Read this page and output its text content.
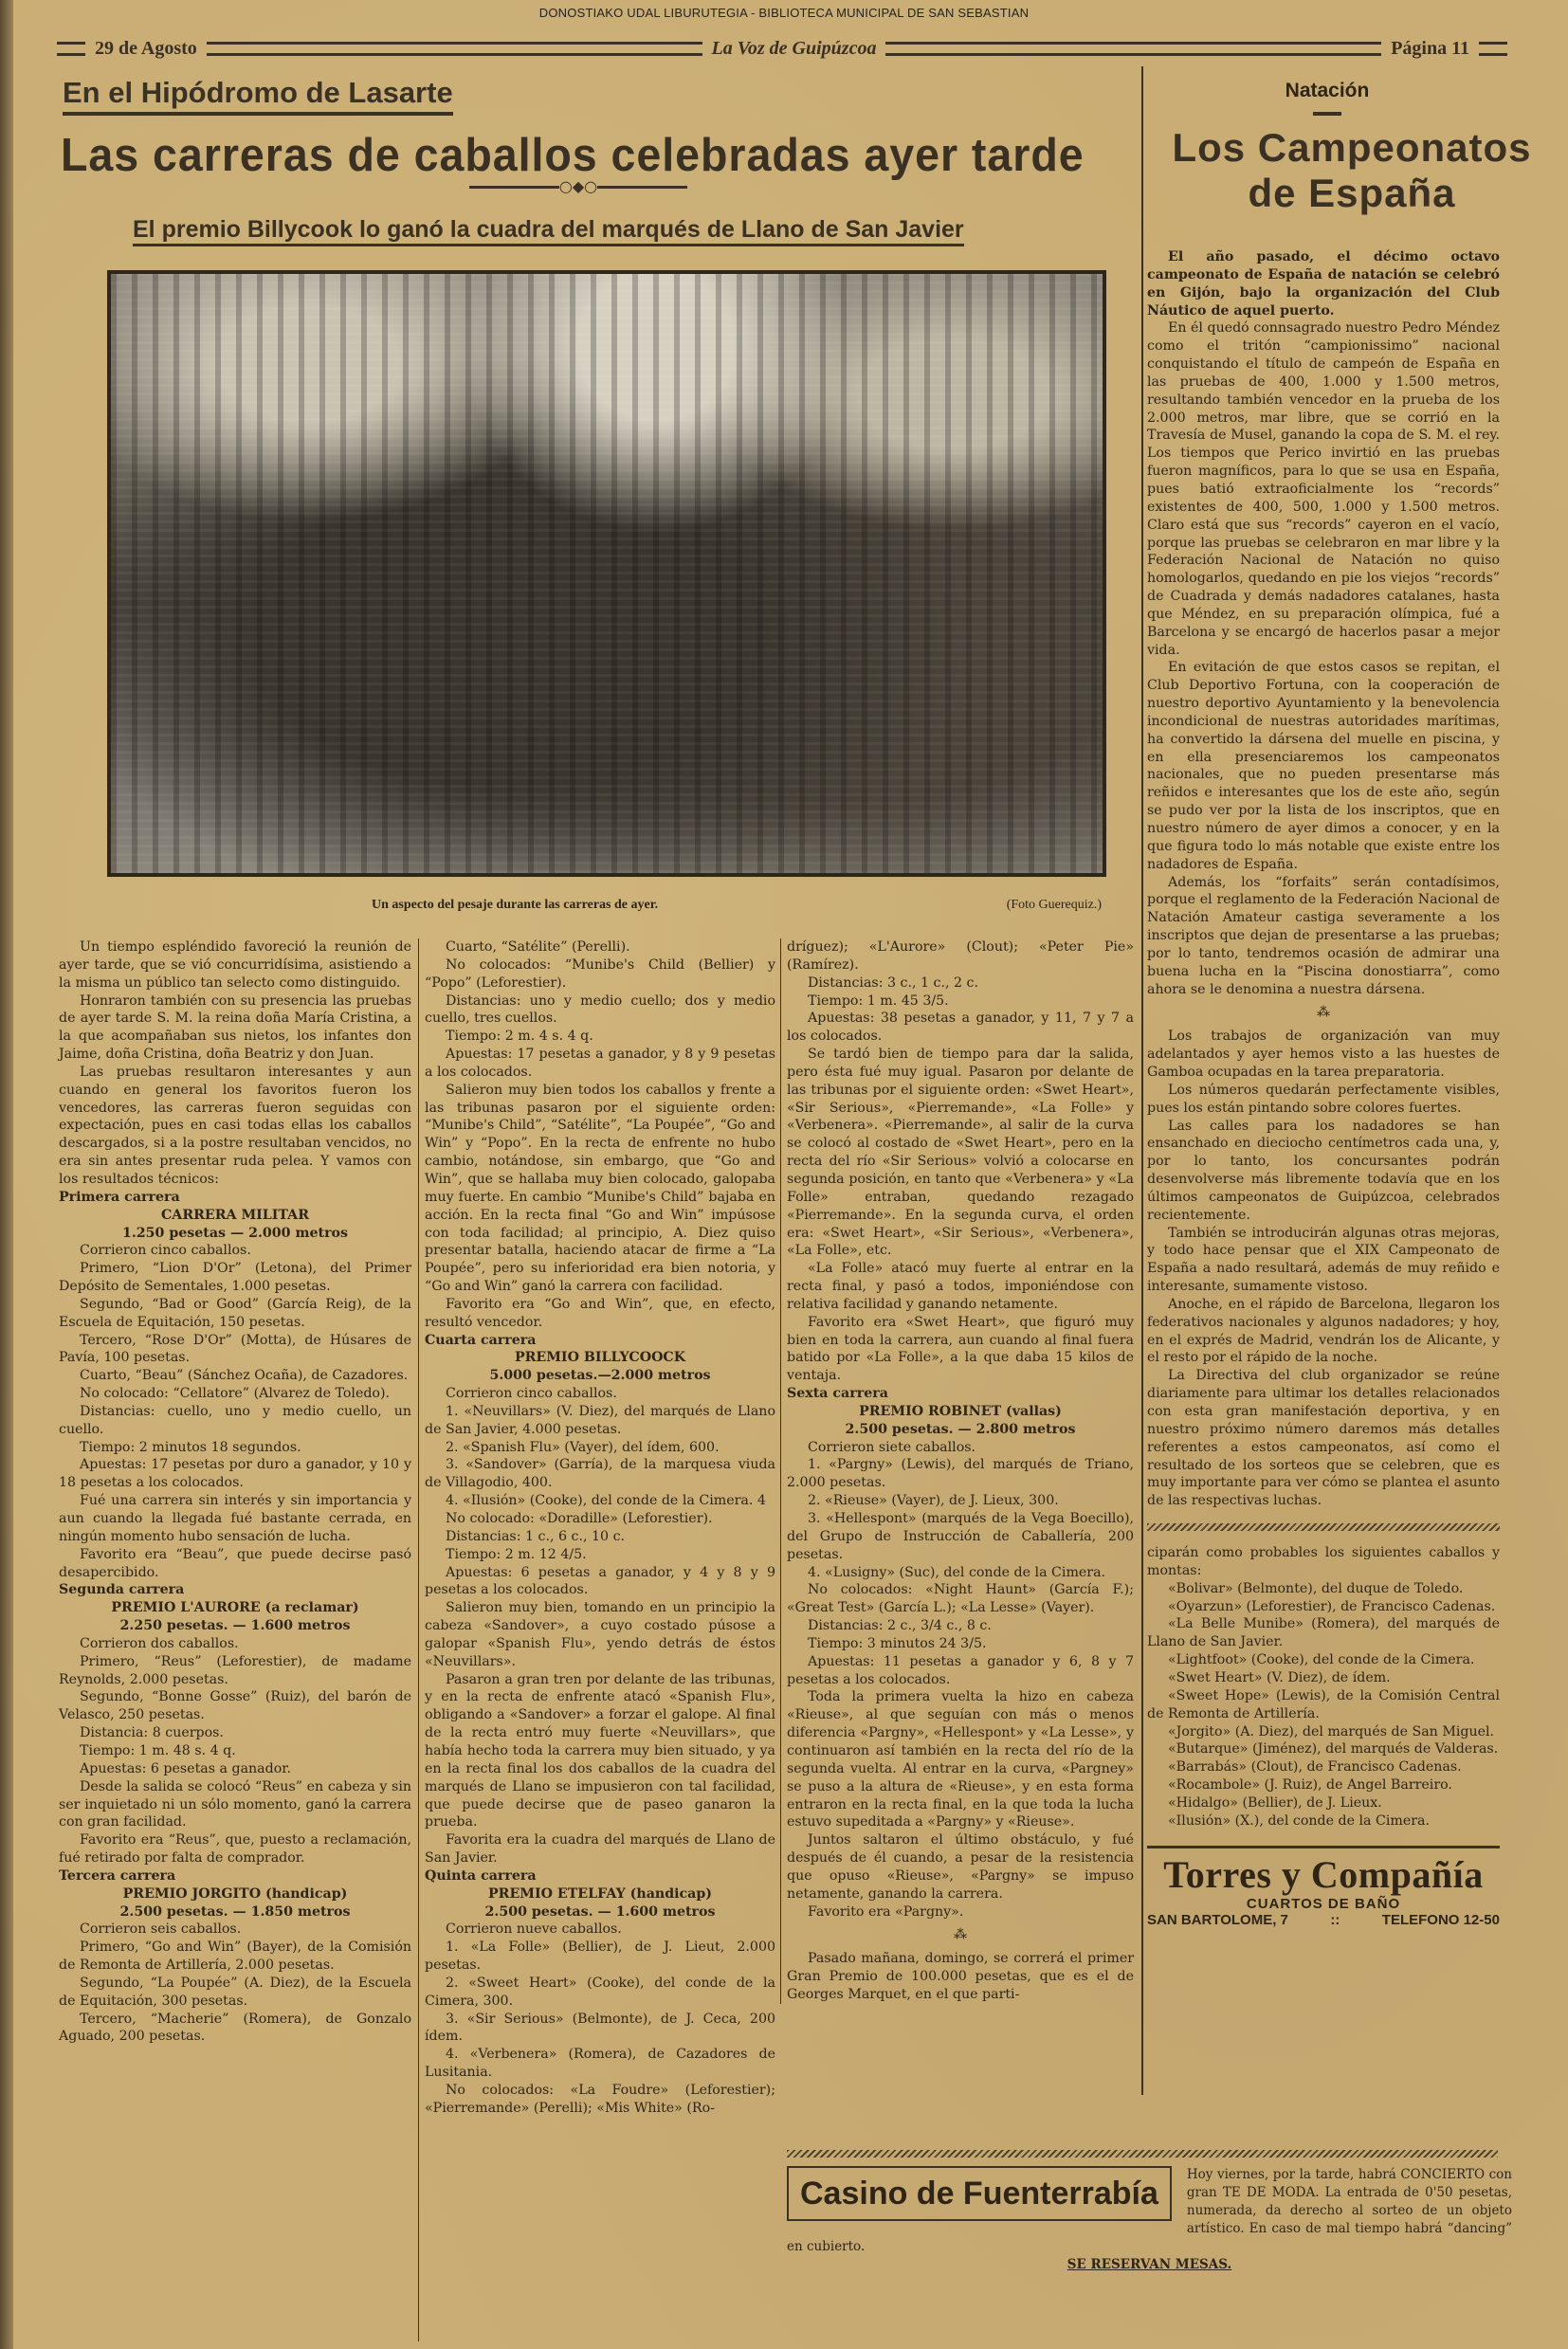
DONOSTIAKO UDAL LIBURUTEGIA - BIBLIOTECA MUNICIPAL DE SAN SEBASTIAN
29 de Agosto	La Voz de Guipúzcoa	Página 11
En el Hipódromo de Lasarte
Las carreras de caballos celebradas ayer tarde
○◆○
El premio Billycook lo ganó la cuadra del marqués de Llano de San Javier
Natación
Los Campeonatos de España
Un aspecto del pesaje durante las carreras de ayer.	(Foto Guerequiz.)

Un tiempo espléndido favoreció la reunión de ayer tarde, que se vió concurridísima, asistiendo a la misma un público tan selecto como distinguido.

Honraron también con su presencia las pruebas de ayer tarde S. M. la reina doña María Cristina, a la que acompañaban sus nietos, los infantes don Jaime, doña Cristina, doña Beatriz y don Juan.

Las pruebas resultaron interesantes y aun cuando en general los favoritos fueron los vencedores, las carreras fueron seguidas con expectación, pues en casi todas ellas los caballos descargados, si a la postre resultaban vencidos, no era sin antes presentar ruda pelea. Y vamos con los resultados técnicos:

Primera carrera

CARRERA MILITAR

1.250 pesetas — 2.000 metros

Corrieron cinco caballos.

Primero, “Lion D'Or” (Letona), del Primer Depósito de Sementales, 1.000 pesetas.

Segundo, “Bad or Good” (García Reig), de la Escuela de Equitación, 150 pesetas.

Tercero, “Rose D'Or” (Motta), de Húsares de Pavía, 100 pesetas.

Cuarto, “Beau” (Sánchez Ocaña), de Cazadores.

No colocado: “Cellatore” (Alvarez de Toledo).

Distancias: cuello, uno y medio cuello, un cuello.

Tiempo: 2 minutos 18 segundos.

Apuestas: 17 pesetas por duro a ganador, y 10 y 18 pesetas a los colocados.

Fué una carrera sin interés y sin importancia y aun cuando la llegada fué bastante cerrada, en ningún momento hubo sensación de lucha.

Favorito era “Beau”, que puede decirse pasó desapercibido.

Segunda carrera

PREMIO L'AURORE (a reclamar)

2.250 pesetas. — 1.600 metros

Corrieron dos caballos.

Primero, “Reus” (Leforestier), de madame Reynolds, 2.000 pesetas.

Segundo, “Bonne Gosse” (Ruiz), del barón de Velasco, 250 pesetas.

Distancia: 8 cuerpos.

Tiempo: 1 m. 48 s. 4 q.

Apuestas: 6 pesetas a ganador.

Desde la salida se colocó “Reus” en cabeza y sin ser inquietado ni un sólo momento, ganó la carrera con gran facilidad.

Favorito era “Reus”, que, puesto a reclamación, fué retirado por falta de comprador.

Tercera carrera

PREMIO JORGITO (handicap)

2.500 pesetas. — 1.850 metros

Corrieron seis caballos.

Primero, “Go and Win” (Bayer), de la Comisión de Remonta de Artillería, 2.000 pesetas.

Segundo, “La Poupée” (A. Diez), de la Escuela de Equitación, 300 pesetas.

Tercero, “Macherie” (Romera), de Gonzalo Aguado, 200 pesetas.

Cuarto, “Satélite” (Perelli).

No colocados: “Munibe's Child (Bellier) y “Popo” (Leforestier).

Distancias: uno y medio cuello; dos y medio cuello, tres cuellos.

Tiempo: 2 m. 4 s. 4 q.

Apuestas: 17 pesetas a ganador, y 8 y 9 pesetas a los colocados.

Salieron muy bien todos los caballos y frente a las tribunas pasaron por el siguiente orden: “Munibe's Child”, “Satélite”, “La Poupée”, “Go and Win” y “Popo”. En la recta de enfrente no hubo cambio, notándose, sin embargo, que “Go and Win”, que se hallaba muy bien colocado, galopaba muy fuerte. En cambio “Munibe's Child” bajaba en acción. En la recta final “Go and Win” impúsose con toda facilidad; al principio, A. Diez quiso presentar batalla, haciendo atacar de firme a “La Poupée”, pero su inferioridad era bien notoria, y “Go and Win” ganó la carrera con facilidad.

Favorito era “Go and Win”, que, en efecto, resultó vencedor.

Cuarta carrera

PREMIO BILLYCOOCK

5.000 pesetas.—2.000 metros

Corrieron cinco caballos.

1. «Neuvillars» (V. Diez), del marqués de Llano de San Javier, 4.000 pesetas.

2. «Spanish Flu» (Vayer), del ídem, 600.

3. «Sandover» (Garría), de la marquesa viuda de Villagodio, 400.

4. «Ilusión» (Cooke), del conde de la Cimera. 4

No colocado: «Doradille» (Leforestier).

Distancias: 1 c., 6 c., 10 c.

Tiempo: 2 m. 12 4/5.

Apuestas: 6 pesetas a ganador, y 4 y 8 y 9 pesetas a los colocados.

Salieron muy bien, tomando en un principio la cabeza «Sandover», a cuyo costado púsose a galopar «Spanish Flu», yendo detrás de éstos «Neuvillars».

Pasaron a gran tren por delante de las tribunas, y en la recta de enfrente atacó «Spanish Flu», obligando a «Sandover» a forzar el galope. Al final de la recta entró muy fuerte «Neuvillars», que había hecho toda la carrera muy bien situado, y ya en la recta final los dos caballos de la cuadra del marqués de Llano se impusieron con tal facilidad, que puede decirse que de paseo ganaron la prueba.

Favorita era la cuadra del marqués de Llano de San Javier.

Quinta carrera

PREMIO ETELFAY (handicap)

2.500 pesetas. — 1.600 metros

Corrieron nueve caballos.

1. «La Folle» (Bellier), de J. Lieut, 2.000 pesetas.

2. «Sweet Heart» (Cooke), del conde de la Cimera, 300.

3. «Sir Serious» (Belmonte), de J. Ceca, 200 ídem.

4. «Verbenera» (Romera), de Cazadores de Lusitania.

No colocados: «La Foudre» (Leforestier); «Pierremande» (Perelli); «Mis White» (Ro-

dríguez); «L'Aurore» (Clout); «Peter Pie» (Ramírez).

Distancias: 3 c., 1 c., 2 c.

Tiempo: 1 m. 45 3/5.

Apuestas: 38 pesetas a ganador, y 11, 7 y 7 a los colocados.

Se tardó bien de tiempo para dar la salida, pero ésta fué muy igual. Pasaron por delante de las tribunas por el siguiente orden: «Swet Heart», «Sir Serious», «Pierremande», «La Folle» y «Verbenera». «Pierremande», al salir de la curva se colocó al costado de «Swet Heart», pero en la recta del río «Sir Serious» volvió a colocarse en segunda posición, en tanto que «Verbenera» y «La Folle» entraban, quedando rezagado «Pierremande». En la segunda curva, el orden era: «Swet Heart», «Sir Serious», «Verbenera», «La Folle», etc.

«La Folle» atacó muy fuerte al entrar en la recta final, y pasó a todos, imponiéndose con relativa facilidad y ganando netamente.

Favorito era «Swet Heart», que figuró muy bien en toda la carrera, aun cuando al final fuera batido por «La Folle», a la que daba 15 kilos de ventaja.

Sexta carrera

PREMIO ROBINET (vallas)

2.500 pesetas. — 2.800 metros

Corrieron siete caballos.

1. «Pargny» (Lewis), del marqués de Triano, 2.000 pesetas.

2. «Rieuse» (Vayer), de J. Lieux, 300.

3. «Hellespont» (marqués de la Vega Boecillo), del Grupo de Instrucción de Caballería, 200 pesetas.

4. «Lusigny» (Suc), del conde de la Cimera.

No colocados: «Night Haunt» (García F.); «Great Test» (García L.); «La Lesse» (Vayer).

Distancias: 2 c., 3/4 c., 8 c.

Tiempo: 3 minutos 24 3/5.

Apuestas: 11 pesetas a ganador y 6, 8 y 7 pesetas a los colocados.

Toda la primera vuelta la hizo en cabeza «Rieuse», al que seguían con más o menos diferencia «Pargny», «Hellespont» y «La Lesse», y continuaron así también en la recta del río de la segunda vuelta. Al entrar en la curva, «Pargney» se puso a la altura de «Rieuse», y en esta forma entraron en la recta final, en la que toda la lucha estuvo supeditada a «Pargny» y «Rieuse».

Juntos saltaron el último obstáculo, y fué después de él cuando, a pesar de la resistencia que opuso «Rieuse», «Pargny» se impuso netamente, ganando la carrera.

Favorito era «Pargny».

⁂

Pasado mañana, domingo, se correrá el primer Gran Premio de 100.000 pesetas, que es el de Georges Marquet, en el que parti-

El año pasado, el décimo octavo campeonato de España de natación se celebró en Gijón, bajo la organización del Club Náutico de aquel puerto.

En él quedó connsagrado nuestro Pedro Méndez como el tritón “campionissimo” nacional conquistando el título de campeón de España en las pruebas de 400, 1.000 y 1.500 metros, resultando también vencedor en la prueba de los 2.000 metros, mar libre, que se corrió en la Travesía de Musel, ganando la copa de S. M. el rey. Los tiempos que Perico invirtió en las pruebas fueron magníficos, para lo que se usa en España, pues batió extraoficialmente los “records” existentes de 400, 500, 1.000 y 1.500 metros. Claro está que sus “records” cayeron en el vacío, porque las pruebas se celebraron en mar libre y la Federación Nacional de Natación no quiso homologarlos, quedando en pie los viejos “records” de Cuadrada y demás nadadores catalanes, hasta que Méndez, en su preparación olímpica, fué a Barcelona y se encargó de hacerlos pasar a mejor vida.

En evitación de que estos casos se repitan, el Club Deportivo Fortuna, con la cooperación de nuestro deportivo Ayuntamiento y la benevolencia incondicional de nuestras autoridades marítimas, ha convertido la dársena del muelle en piscina, y en ella presenciaremos los campeonatos nacionales, que no pueden presentarse más reñidos e interesantes que los de este año, según se pudo ver por la lista de los inscriptos, que en nuestro número de ayer dimos a conocer, y en la que figura todo lo más notable que existe entre los nadadores de España.

Además, los “forfaits” serán contadísimos, porque el reglamento de la Federación Nacional de Natación Amateur castiga severamente a los inscriptos que dejan de presentarse a las pruebas; por lo tanto, tendremos ocasión de admirar una buena lucha en la “Piscina donostiarra”, como ahora se le denomina a nuestra dársena.

⁂

Los trabajos de organización van muy adelantados y ayer hemos visto a las huestes de Gamboa ocupadas en la tarea preparatoria.

Los números quedarán perfectamente visibles, pues los están pintando sobre colores fuertes.

Las calles para los nadadores se han ensanchado en dieciocho centímetros cada una, y, por lo tanto, los concursantes podrán desenvolverse más libremente todavía que en los últimos campeonatos de Guipúzcoa, celebrados recientemente.

También se introducirán algunas otras mejoras, y todo hace pensar que el XIX Campeonato de España a nado resultará, además de muy reñido e interesante, sumamente vistoso.

Anoche, en el rápido de Barcelona, llegaron los federativos nacionales y algunos nadadores; y hoy, en el exprés de Madrid, vendrán los de Alicante, y el resto por el rápido de la noche.

La Directiva del club organizador se reúne diariamente para ultimar los detalles relacionados con esta gran manifestación deportiva, y en nuestro próximo número daremos más detalles referentes a estos campeonatos, así como el resultado de los sorteos que se celebren, que es muy importante para ver cómo se plantea el asunto de las respectivas luchas.

ciparán como probables los siguientes caballos y montas:

«Bolivar» (Belmonte), del duque de Toledo.

«Oyarzun» (Leforestier), de Francisco Cadenas.

«La Belle Munibe» (Romera), del marqués de Llano de San Javier.

«Lightfoot» (Cooke), del conde de la Cimera.

«Swet Heart» (V. Diez), de ídem.

«Sweet Hope» (Lewis), de la Comisión Central de Remonta de Artillería.

«Jorgito» (A. Diez), del marqués de San Miguel.

«Butarque» (Jiménez), del marqués de Valderas.

«Barrabás» (Clout), de Francisco Cadenas.

«Rocambole» (J. Ruiz), de Angel Barreiro.

«Hidalgo» (Bellier), de J. Lieux.

«Ilusión» (X.), del conde de la Cimera.

Torres y Compañía
CUARTOS DE BAÑO
SAN BARTOLOME, 7	::	TELEFONO 12-50
Casino de Fuenterrabía
Hoy viernes, por la tarde, habrá CONCIERTO con gran TE DE MODA. La entrada de 0'50 pesetas, numerada, da derecho al sorteo de un objeto artístico. En caso de mal tiempo habrá “dancing” en cubierto.
SE RESERVAN MESAS.
